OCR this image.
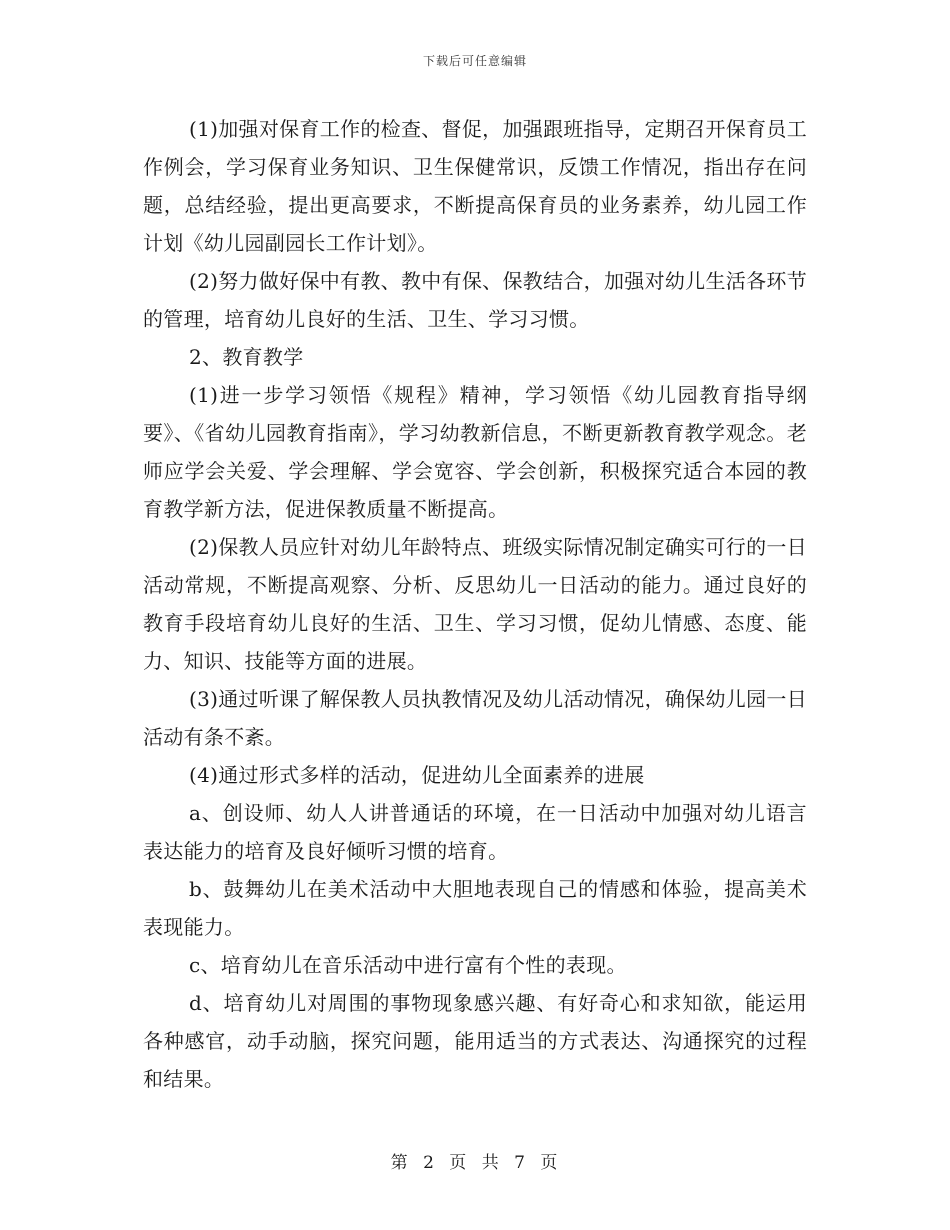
下载后可任意编辑

(1)加强对保育工作的检查、督促，加强跟班指导，定期召开保育员工作例会，学习保育业务知识、卫生保健常识，反馈工作情况，指出存在问题，总结经验，提出更高要求，不断提高保育员的业务素养，幼儿园工作计划《幼儿园副园长工作计划》。

(2)努力做好保中有教、教中有保、保教结合，加强对幼儿生活各环节的管理，培育幼儿良好的生活、卫生、学习习惯。

2、教育教学

(1)进一步学习领悟《规程》精神，学习领悟《幼儿园教育指导纲要》、《省幼儿园教育指南》，学习幼教新信息，不断更新教育教学观念。老师应学会关爱、学会理解、学会宽容、学会创新，积极探究适合本园的教育教学新方法，促进保教质量不断提高。

(2)保教人员应针对幼儿年龄特点、班级实际情况制定确实可行的一日活动常规，不断提高观察、分析、反思幼儿一日活动的能力。通过良好的教育手段培育幼儿良好的生活、卫生、学习习惯，促幼儿情感、态度、能力、知识、技能等方面的进展。

(3)通过听课了解保教人员执教情况及幼儿活动情况，确保幼儿园一日活动有条不紊。

(4)通过形式多样的活动，促进幼儿全面素养的进展

a、创设师、幼人人讲普通话的环境，在一日活动中加强对幼儿语言表达能力的培育及良好倾听习惯的培育。

b、鼓舞幼儿在美术活动中大胆地表现自己的情感和体验，提高美术表现能力。

c、培育幼儿在音乐活动中进行富有个性的表现。

d、培育幼儿对周围的事物现象感兴趣、有好奇心和求知欲，能运用各种感官，动手动脑，探究问题，能用适当的方式表达、沟通探究的过程和结果。

第 2 页 共 7 页
